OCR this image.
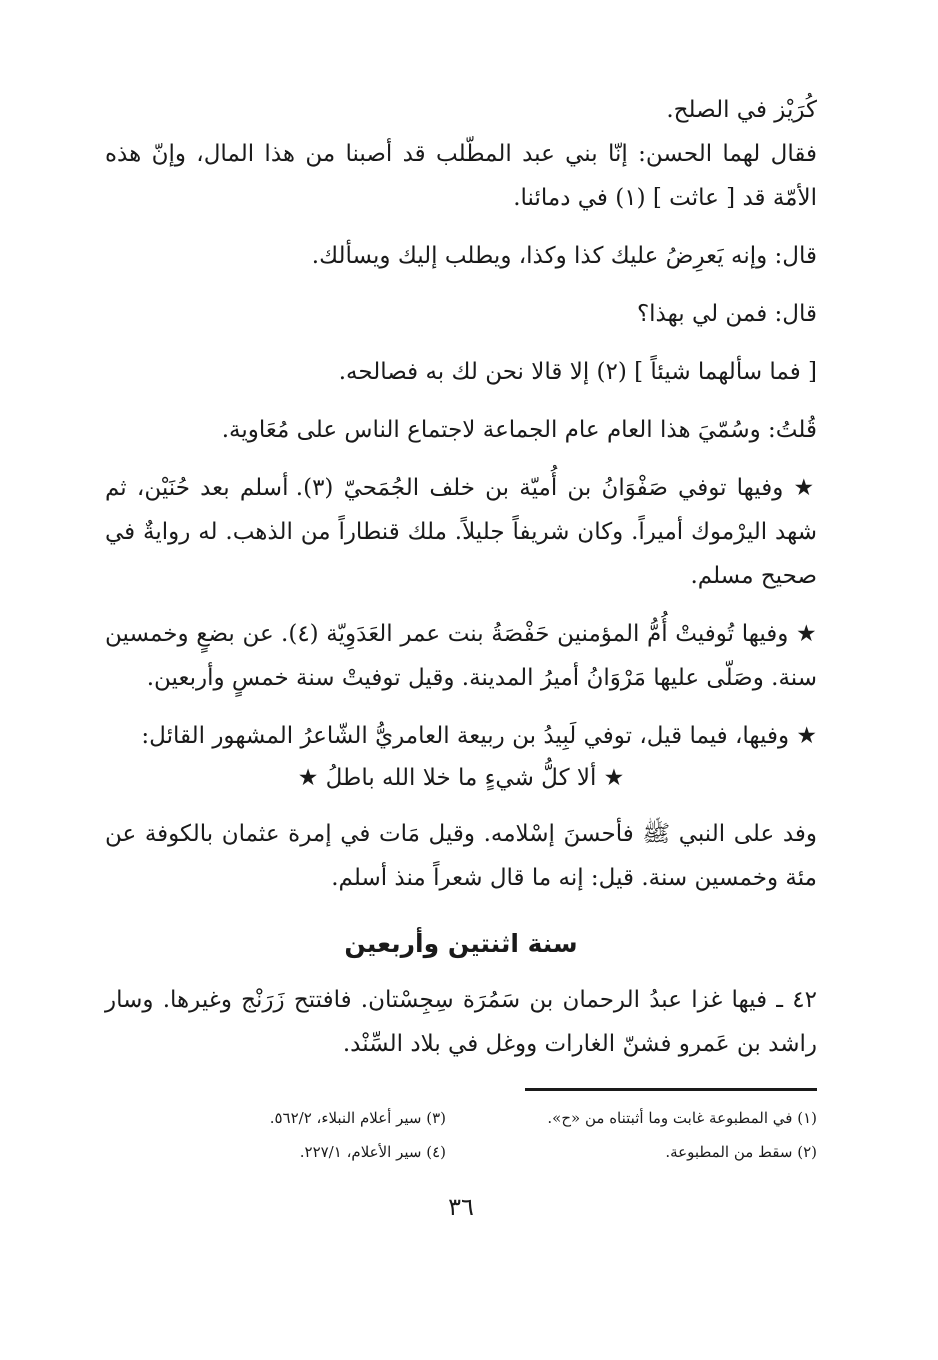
كُرَيْز في الصلح.

فقال لهما الحسن: إنّا بني عبد المطّلب قد أصبنا من هذا المال، وإنّ هذه الأمّة قد [ عاثت ] (١) في دمائنا.

قال: وإنه يَعرِضُ عليك كذا وكذا، ويطلب إليك ويسألك.

قال: فمن لي بهذا؟

[ فما سألهما شيئاً ] (٢) إلا قالا نحن لك به فصالحه.

قُلتُ: وسُمّيَ هذا العام عام الجماعة لاجتماع الناس على مُعَاوية.

★ وفيها توفي صَفْوَانُ بن أُميّة بن خلف الجُمَحيّ (٣). أسلم بعد حُنَيْن، ثم شهد اليرْموك أميراً. وكان شريفاً جليلاً. ملك قنطاراً من الذهب. له روايةٌ في صحيح مسلم.

★ وفيها تُوفيتْ أُمُّ المؤمنين حَفْصَةُ بنت عمر العَدَوِيّة (٤). عن بضعٍ وخمسين سنة. وصَلّى عليها مَرْوَانُ أميرُ المدينة. وقيل توفيتْ سنة خمسٍ وأربعين.

★ وفيها، فيما قيل، توفي لَبِيدُ بن ربيعة العامريُّ الشّاعرُ المشهور القائل:

★ ألا كلُّ شيءٍ ما خلا الله باطلُ ★

وفد على النبي ﷺ فأحسنَ إسْلامه. وقيل مَات في إمرة عثمان بالكوفة عن مئة وخمسين سنة. قيل: إنه ما قال شعراً منذ أسلم.

سنة اثنتين وأربعين

٤٢ ـ فيها غزا عبدُ الرحمان بن سَمُرَة سِجِسْتان. فافتتح زَرَنْج وغيرها. وسار راشد بن عَمرو فشنّ الغارات ووغل في بلاد السِّنْد.

(١) في المطبوعة غابت وما أثبتناه من «ح».

(٣) سير أعلام النبلاء، ٥٦٢/٢.

(٢) سقط من المطبوعة.

(٤) سير الأعلام، ٢٢٧/١.

٣٦
